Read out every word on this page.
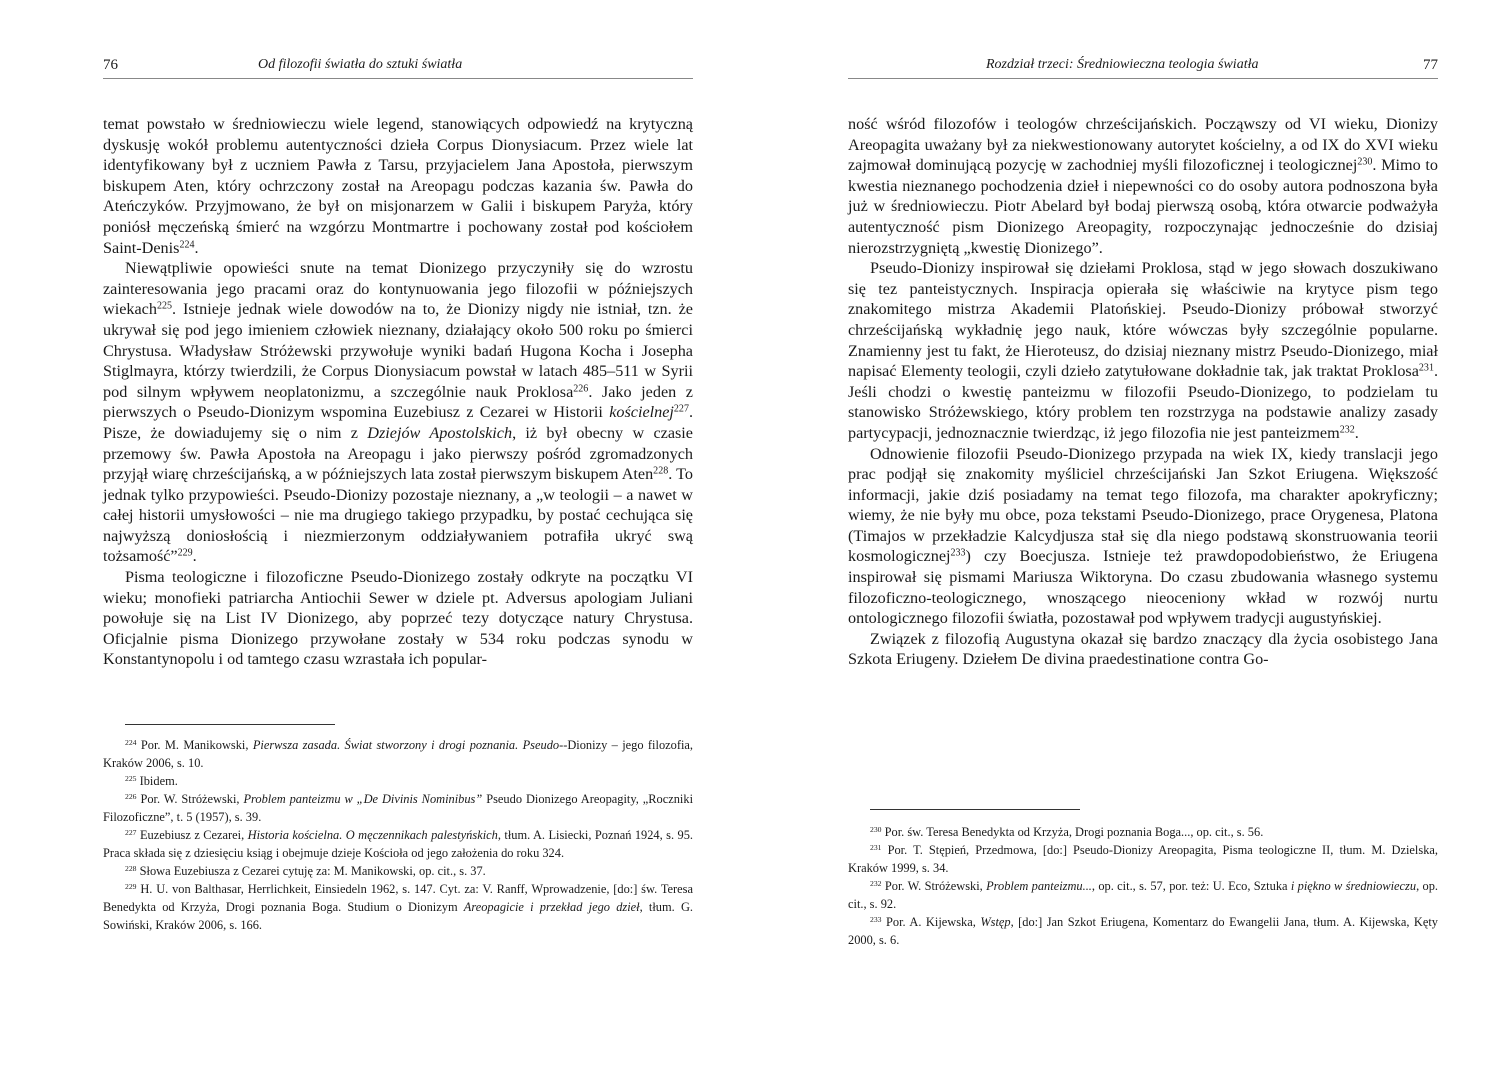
76	Od filozofii światła do sztuki światła

temat powstało w średniowieczu wiele legend, stanowiących odpowiedź na krytyczną dyskusję wokół problemu autentyczności dzieła Corpus Dionysiacum. Przez wiele lat identyfikowany był z uczniem Pawła z Tarsu, przyjacielem Jana Apostoła, pierwszym biskupem Aten, który ochrzczony został na Areopagu podczas kazania św. Pawła do Ateńczyków. Przyjmowano, że był on misjonarzem w Galii i biskupem Paryża, który poniósł męczeńską śmierć na wzgórzu Montmartre i pochowany został pod kościołem Saint-Denis$^{224}$.

Niewątpliwie opowieści snute na temat Dionizego przyczyniły się do wzrostu zainteresowania jego pracami oraz do kontynuowania jego filozofii w późniejszych wiekach$^{225}$. Istnieje jednak wiele dowodów na to, że Dionizy nigdy nie istniał, tzn. że ukrywał się pod jego imieniem człowiek nieznany, działający około 500 roku po śmierci Chrystusa. Władysław Stróżewski przywołuje wyniki badań Hugona Kocha i Josepha Stiglmayra, którzy twierdzili, że Corpus Dionysiacum powstał w latach 485–511 w Syrii pod silnym wpływem neoplatonizmu, a szczególnie nauk Proklosa$^{226}$. Jako jeden z pierwszych o Pseudo-Dionizym wspomina Euzebiusz z Cezarei w Historii kościelnej$^{227}$. Pisze, że dowiadujemy się o nim z Dziejów Apostolskich, iż był obecny w czasie przemowy św. Pawła Apostoła na Areopagu i jako pierwszy pośród zgromadzonych przyjął wiarę chrześcijańską, a w późniejszych lata został pierwszym biskupem Aten$^{228}$. To jednak tylko przypowieści. Pseudo-Dionizy pozostaje nieznany, a „w teologii – a nawet w całej historii umysłowości – nie ma drugiego takiego przypadku, by postać cechująca się najwyższą doniosłością i niezmierzonym oddziaływaniem potrafiła ukryć swą tożsamość”$^{229}$.

Pisma teologiczne i filozoficzne Pseudo-Dionizego zostały odkryte na początku VI wieku; monofieki patriarcha Antiochii Sewer w dziele pt. Adversus apologiam Juliani powołuje się na List IV Dionizego, aby poprzeć tezy dotyczące natury Chrystusa. Oficjalnie pisma Dionizego przywołane zostały w 534 roku podczas synodu w Konstantynopolu i od tamtego czasu wzrastała ich popular-

$^{224}$ Por. M. Manikowski, Pierwsza zasada. Świat stworzony i drogi poznania. Pseudo--Dionizy – jego filozofia, Kraków 2006, s. 10.

$^{225}$ Ibidem.

$^{226}$ Por. W. Stróżewski, Problem panteizmu w „De Divinis Nominibus” Pseudo Dionizego Areopagity, „Roczniki Filozoficzne”, t. 5 (1957), s. 39.

$^{227}$ Euzebiusz z Cezarei, Historia kościelna. O męczennikach palestyńskich, tłum. A. Lisiecki, Poznań 1924, s. 95. Praca składa się z dziesięciu ksiąg i obejmuje dzieje Kościoła od jego założenia do roku 324.

$^{228}$ Słowa Euzebiusza z Cezarei cytuję za: M. Manikowski, op. cit., s. 37.

$^{229}$ H. U. von Balthasar, Herrlichkeit, Einsiedeln 1962, s. 147. Cyt. za: V. Ranff, Wprowadzenie, [do:] św. Teresa Benedykta od Krzyża, Drogi poznania Boga. Studium o Dionizym Areopagicie i przekład jego dzieł, tłum. G. Sowiński, Kraków 2006, s. 166.

Rozdział trzeci: Średniowieczna teologia światła	77

ność wśród filozofów i teologów chrześcijańskich. Począwszy od VI wieku, Dionizy Areopagita uważany był za niekwestionowany autorytet kościelny, a od IX do XVI wieku zajmował dominującą pozycję w zachodniej myśli filozoficznej i teologicznej$^{230}$. Mimo to kwestia nieznanego pochodzenia dzieł i niepewności co do osoby autora podnoszona była już w średniowieczu. Piotr Abelard był bodaj pierwszą osobą, która otwarcie podważyła autentyczność pism Dionizego Areopagity, rozpoczynając jednocześnie do dzisiaj nierozstrzygniętą „kwestię Dionizego”.

Pseudo-Dionizy inspirował się dziełami Proklosa, stąd w jego słowach doszukiwano się tez panteistycznych. Inspiracja opierała się właściwie na krytyce pism tego znakomitego mistrza Akademii Platońskiej. Pseudo-Dionizy próbował stworzyć chrześcijańską wykładnię jego nauk, które wówczas były szczególnie popularne. Znamienny jest tu fakt, że Hieroteusz, do dzisiaj nieznany mistrz Pseudo-Dionizego, miał napisać Elementy teologii, czyli dzieło zatytułowane dokładnie tak, jak traktat Proklosa$^{231}$. Jeśli chodzi o kwestię panteizmu w filozofii Pseudo-Dionizego, to podzielam tu stanowisko Stróżewskiego, który problem ten rozstrzyga na podstawie analizy zasady partycypacji, jednoznacznie twierdząc, iż jego filozofia nie jest panteizmem$^{232}$.

Odnowienie filozofii Pseudo-Dionizego przypada na wiek IX, kiedy translacji jego prac podjął się znakomity myśliciel chrześcijański Jan Szkot Eriugena. Większość informacji, jakie dziś posiadamy na temat tego filozofa, ma charakter apokryficzny; wiemy, że nie były mu obce, poza tekstami Pseudo-Dionizego, prace Orygenesa, Platona (Timajos w przekładzie Kalcydjusza stał się dla niego podstawą skonstruowania teorii kosmologicznej$^{233}$) czy Boecjusza. Istnieje też prawdopodobieństwo, że Eriugena inspirował się pismami Mariusza Wiktoryna. Do czasu zbudowania własnego systemu filozoficzno-teologicznego, wnoszącego nieoceniony wkład w rozwój nurtu ontologicznego filozofii światła, pozostawał pod wpływem tradycji augustyńskiej.

Związek z filozofią Augustyna okazał się bardzo znaczący dla życia osobistego Jana Szkota Eriugeny. Dziełem De divina praedestinatione contra Go-

$^{230}$ Por. św. Teresa Benedykta od Krzyża, Drogi poznania Boga..., op. cit., s. 56.

$^{231}$ Por. T. Stępień, Przedmowa, [do:] Pseudo-Dionizy Areopagita, Pisma teologiczne II, tłum. M. Dzielska, Kraków 1999, s. 34.

$^{232}$ Por. W. Stróżewski, Problem panteizmu..., op. cit., s. 57, por. też: U. Eco, Sztuka i piękno w średniowieczu, op. cit., s. 92.

$^{233}$ Por. A. Kijewska, Wstęp, [do:] Jan Szkot Eriugena, Komentarz do Ewangelii Jana, tłum. A. Kijewska, Kęty 2000, s. 6.
